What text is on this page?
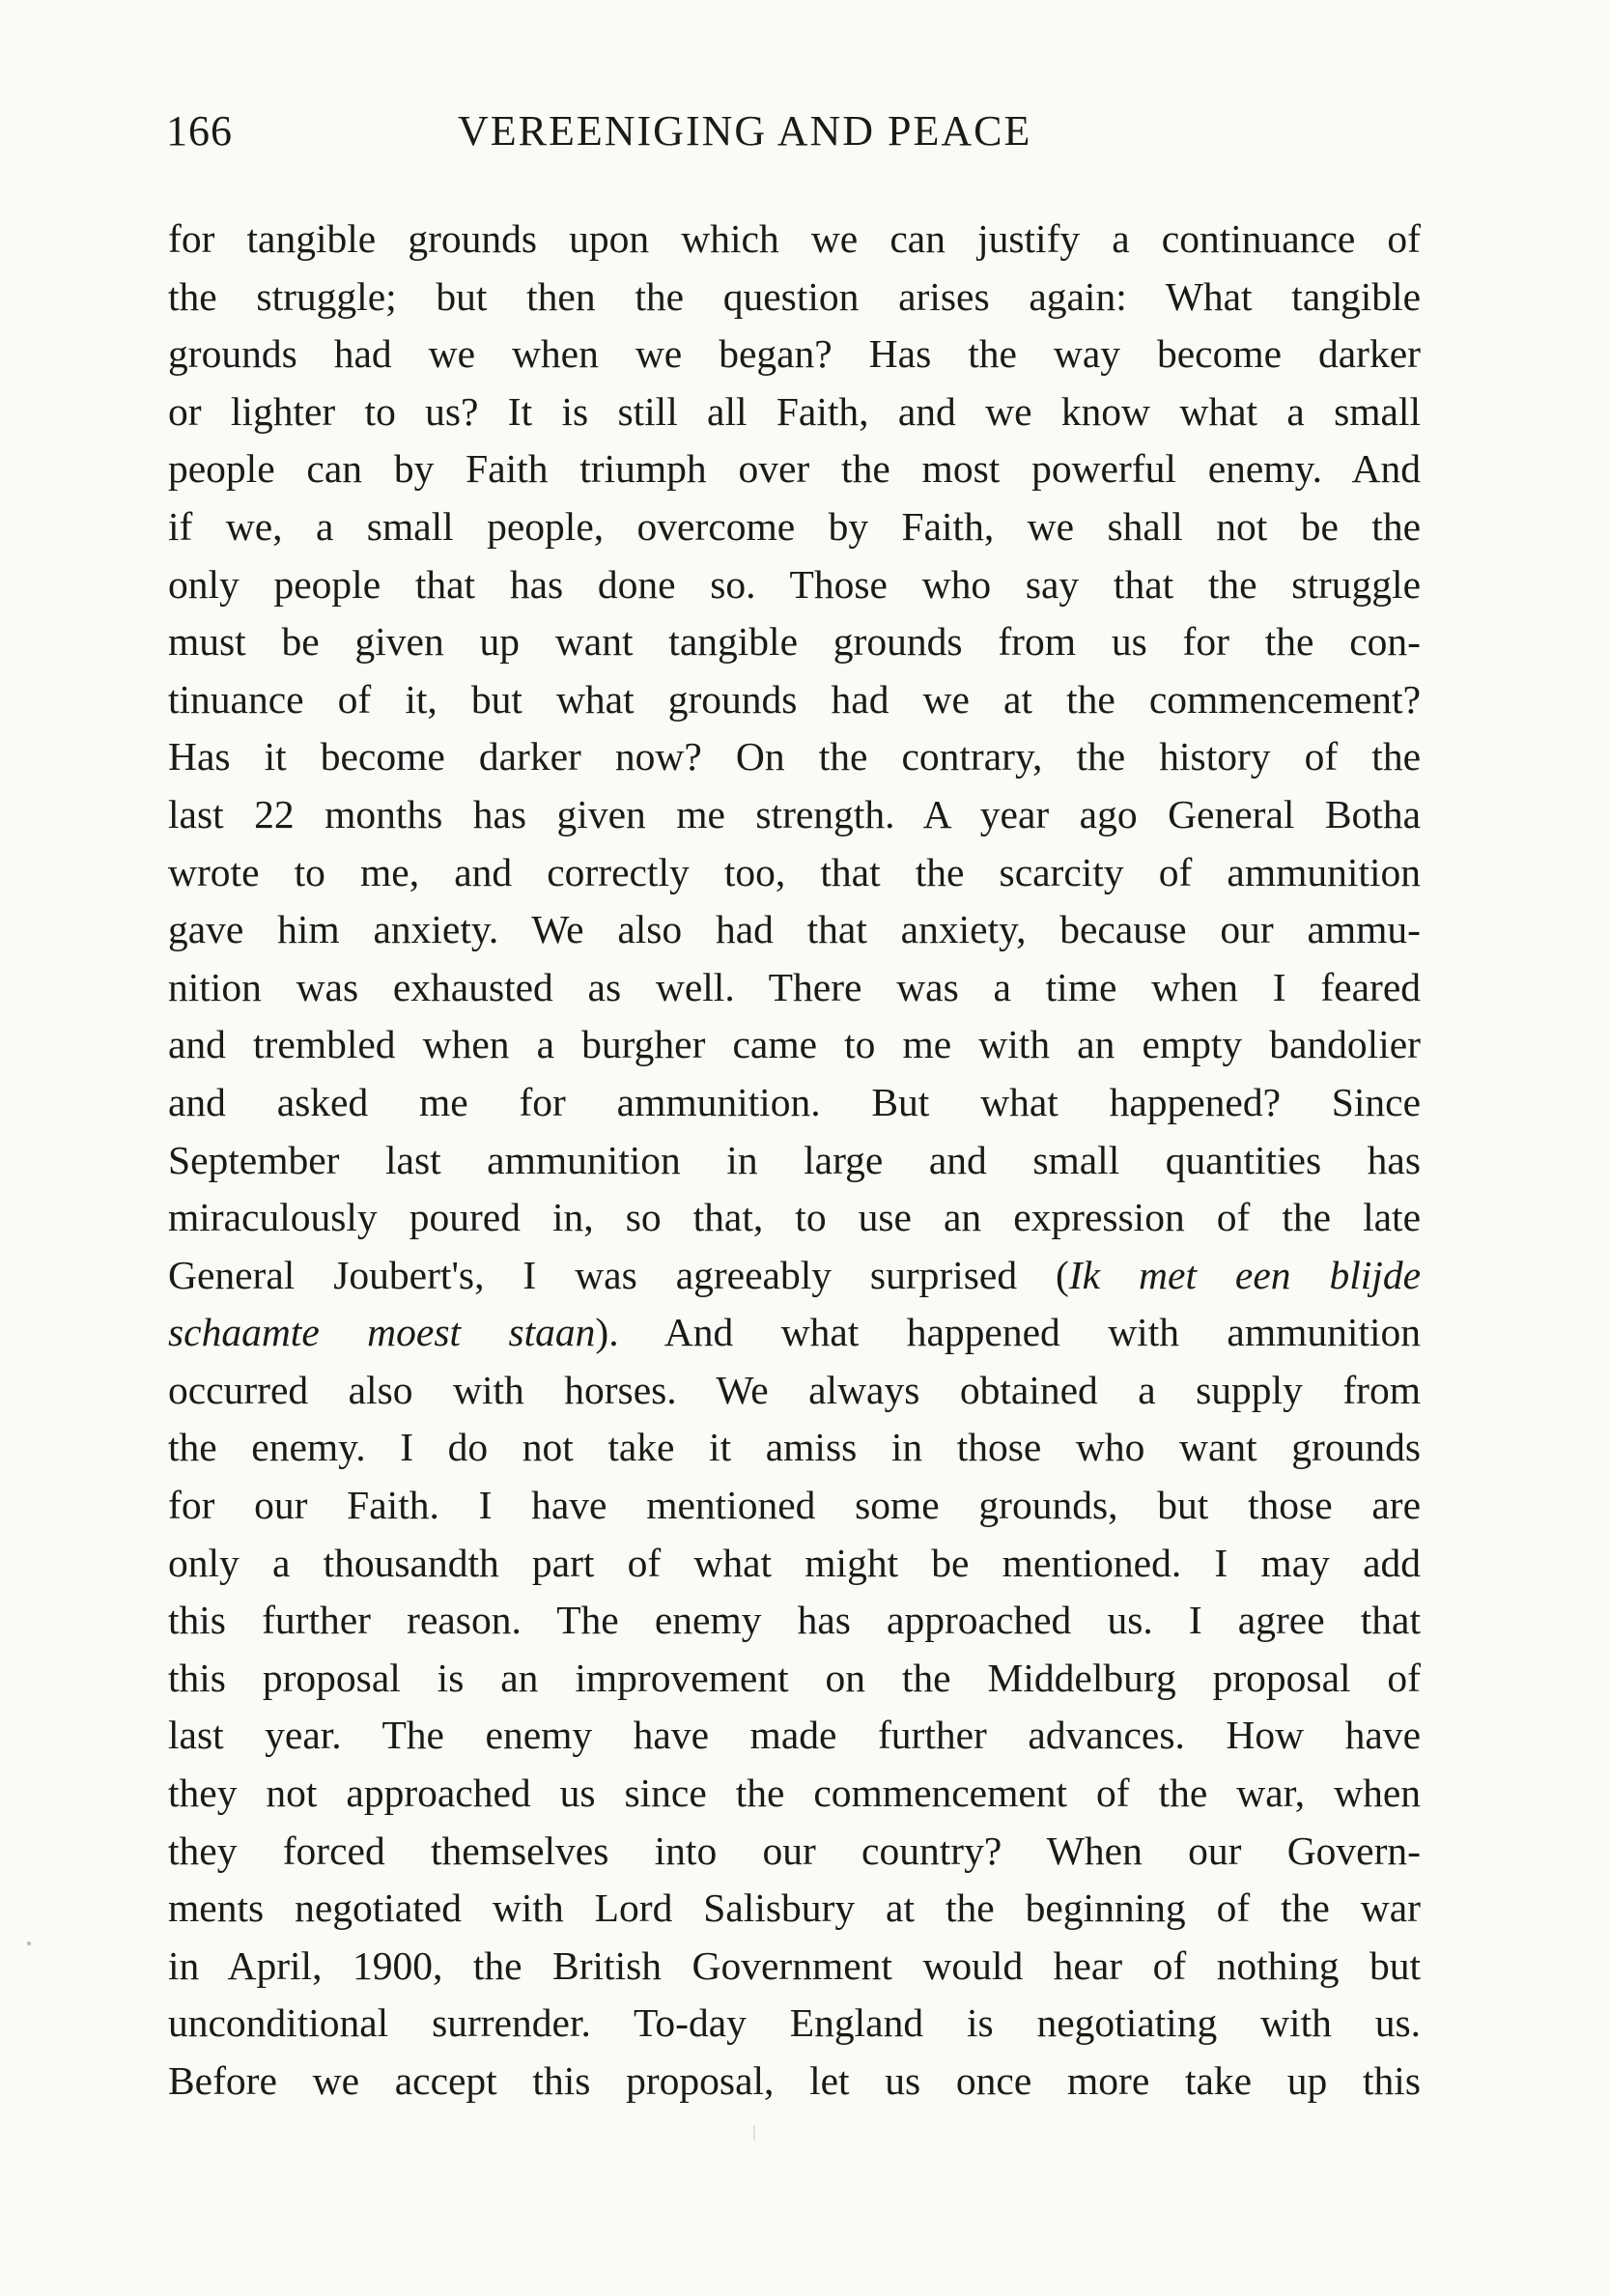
166	VEREENIGING AND PEACE
for tangible grounds upon which we can justify a continuance of
the struggle; but then the question arises again: What tangible
grounds had we when we began? Has the way become darker
or lighter to us? It is still all Faith, and we know what a small
people can by Faith triumph over the most powerful enemy. And
if we, a small people, overcome by Faith, we shall not be the
only people that has done so. Those who say that the struggle
must be given up want tangible grounds from us for the con-
tinuance of it, but what grounds had we at the commencement?
Has it become darker now? On the contrary, the history of the
last 22 months has given me strength. A year ago General Botha
wrote to me, and correctly too, that the scarcity of ammunition
gave him anxiety. We also had that anxiety, because our ammu-
nition was exhausted as well. There was a time when I feared
and trembled when a burgher came to me with an empty bandolier
and asked me for ammunition. But what happened? Since
September last ammunition in large and small quantities has
miraculously poured in, so that, to use an expression of the late
General Joubert's, I was agreeably surprised (Ik met een blijde
schaamte moest staan). And what happened with ammunition
occurred also with horses. We always obtained a supply from
the enemy. I do not take it amiss in those who want grounds
for our Faith. I have mentioned some grounds, but those are
only a thousandth part of what might be mentioned. I may add
this further reason. The enemy has approached us. I agree that
this proposal is an improvement on the Middelburg proposal of
last year. The enemy have made further advances. How have
they not approached us since the commencement of the war, when
they forced themselves into our country? When our Govern-
ments negotiated with Lord Salisbury at the beginning of the war
in April, 1900, the British Government would hear of nothing but
unconditional surrender. To-day England is negotiating with us.
Before we accept this proposal, let us once more take up this
